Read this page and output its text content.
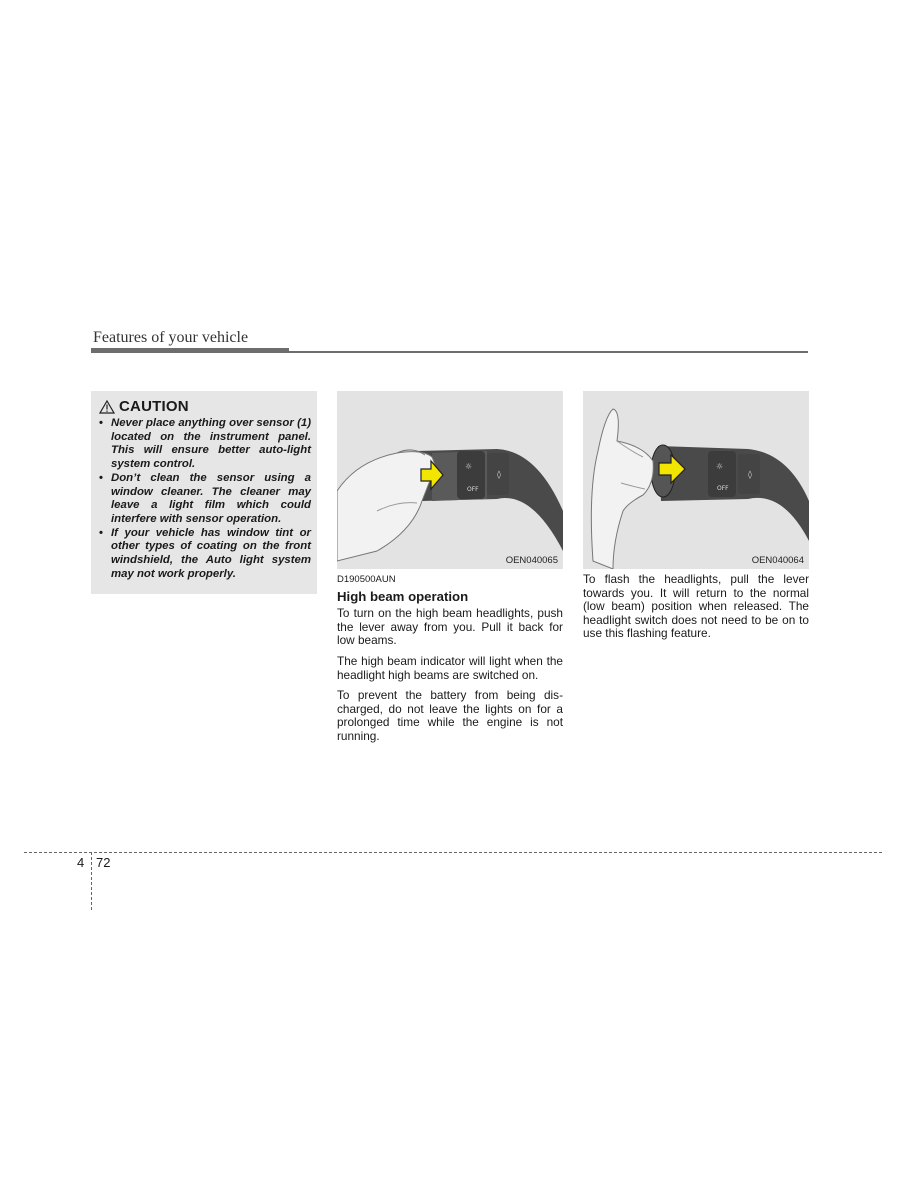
Features of your vehicle
CAUTION
• Never place anything over sensor (1) located on the instrument panel. This will ensure better auto-light system control.
• Don’t clean the sensor using a window cleaner. The cleaner may leave a light film which could interfere with sensor operation.
• If your vehicle has window tint or other types of coating on the front windshield, the Auto light system may not work properly.
☼
OFF
◊
OEN040065
☼
OFF
◊
OEN040064
D190500AUN
High beam operation

To turn on the high beam headlights, push the lever away from you. Pull it back for low beams.

The high beam indicator will light when the headlight high beams are switched on.

To prevent the battery from being dis-charged, do not leave the lights on for a prolonged time while the engine is not running.

To flash the headlights, pull the lever towards you. It will return to the normal (low beam) position when released. The headlight switch does not need to be on to use this flashing feature.

4 72
